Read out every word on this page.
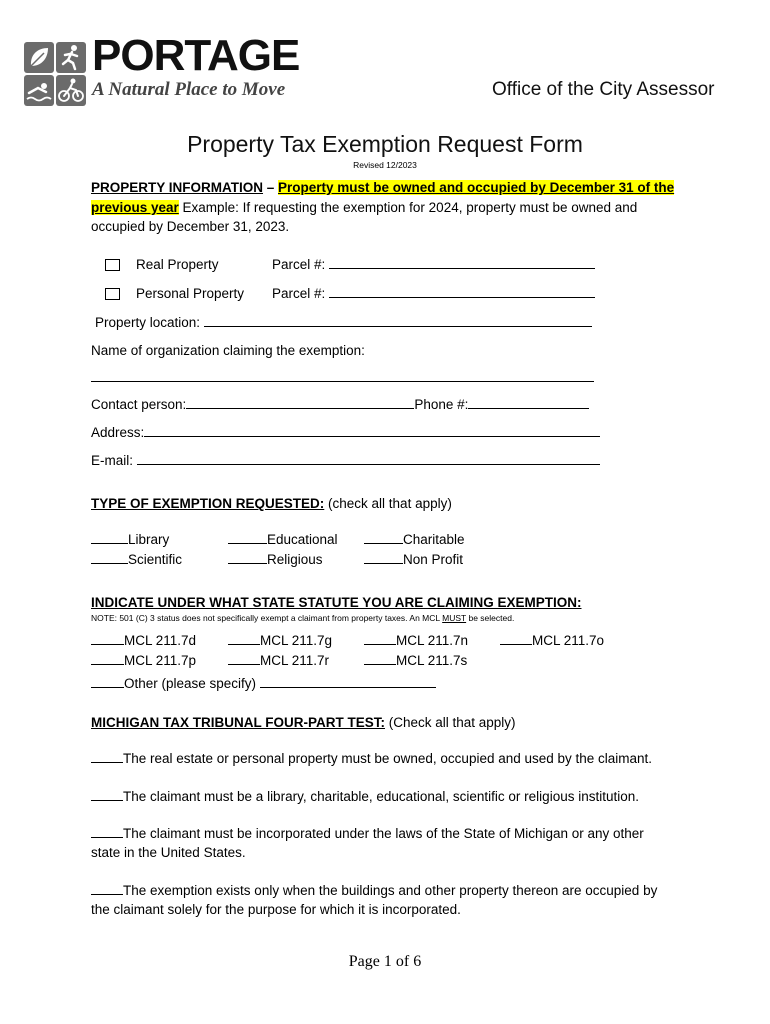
PORTAGE
A Natural Place to Move	Office of the City Assessor
Property Tax Exemption Request Form
Revised 12/2023
PROPERTY INFORMATION – Property must be owned and occupied by December 31 of the
previous year Example: If requesting the exemption for 2024, property must be owned and
occupied by December 31, 2023.
Real Property	Parcel #:
Personal Property Parcel #:
Property location:
Name of organization claiming the exemption:
Contact person:	Phone #:
Address:
E-mail:
TYPE OF EXEMPTION REQUESTED: (check all that apply)
Library	Educational	Charitable
Scientific	Religious	Non Profit
INDICATE UNDER WHAT STATE STATUTE YOU ARE CLAIMING EXEMPTION:
NOTE: 501 (C) 3 status does not specifically exempt a claimant from property taxes. An MCL MUST be selected.
MCL 211.7d	MCL 211.7g	MCL 211.7n	MCL 211.7o
MCL 211.7p	MCL 211.7r	MCL 211.7s
Other (please specify)
MICHIGAN TAX TRIBUNAL FOUR-PART TEST: (Check all that apply)
The real estate or personal property must be owned, occupied and used by the claimant.
The claimant must be a library, charitable, educational, scientific or religious institution.
The claimant must be incorporated under the laws of the State of Michigan or any other
state in the United States.
The exemption exists only when the buildings and other property thereon are occupied by
the claimant solely for the purpose for which it is incorporated.
Page 1 of 6
